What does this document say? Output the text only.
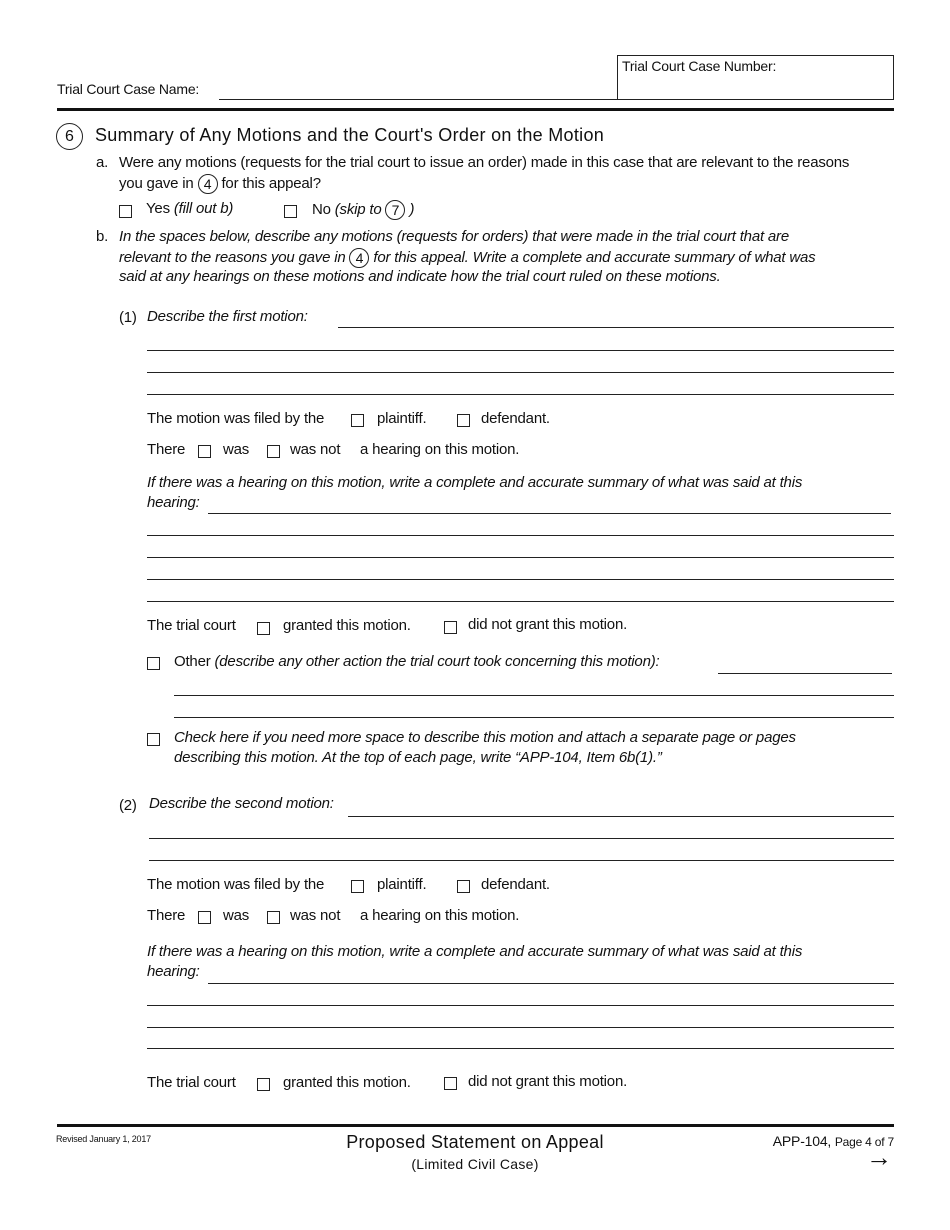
Trial Court Case Name:
Trial Court Case Number:
6	Summary of Any Motions and the Court's Order on the Motion
a. Were any motions (requests for the trial court to issue an order) made in this case that are relevant to the reasons
you gave in 4 for this appeal?
Yes (fill out b)	No (skip to 7 )
b. In the spaces below, describe any motions (requests for orders) that were made in the trial court that are
relevant to the reasons you gave in 4 for this appeal. Write a complete and accurate summary of what was
said at any hearings on these motions and indicate how the trial court ruled on these motions.
(1) Describe the first motion:
The motion was filed by the	plaintiff.	defendant.
There	was	was not a hearing on this motion.
If there was a hearing on this motion, write a complete and accurate summary of what was said at this
hearing:
The trial court	granted this motion.	did not grant this motion.
Other (describe any other action the trial court took concerning this motion):
Check here if you need more space to describe this motion and attach a separate page or pages
describing this motion. At the top of each page, write “APP-104, Item 6b(1).”
(2) Describe the second motion:
The motion was filed by the	plaintiff.	defendant.
There	was	was not a hearing on this motion.
If there was a hearing on this motion, write a complete and accurate summary of what was said at this
hearing:
The trial court	granted this motion.	did not grant this motion.
Revised January 1, 2017	Proposed Statement on Appeal
(Limited Civil Case)
APP-104, Page 4 of 7
→
